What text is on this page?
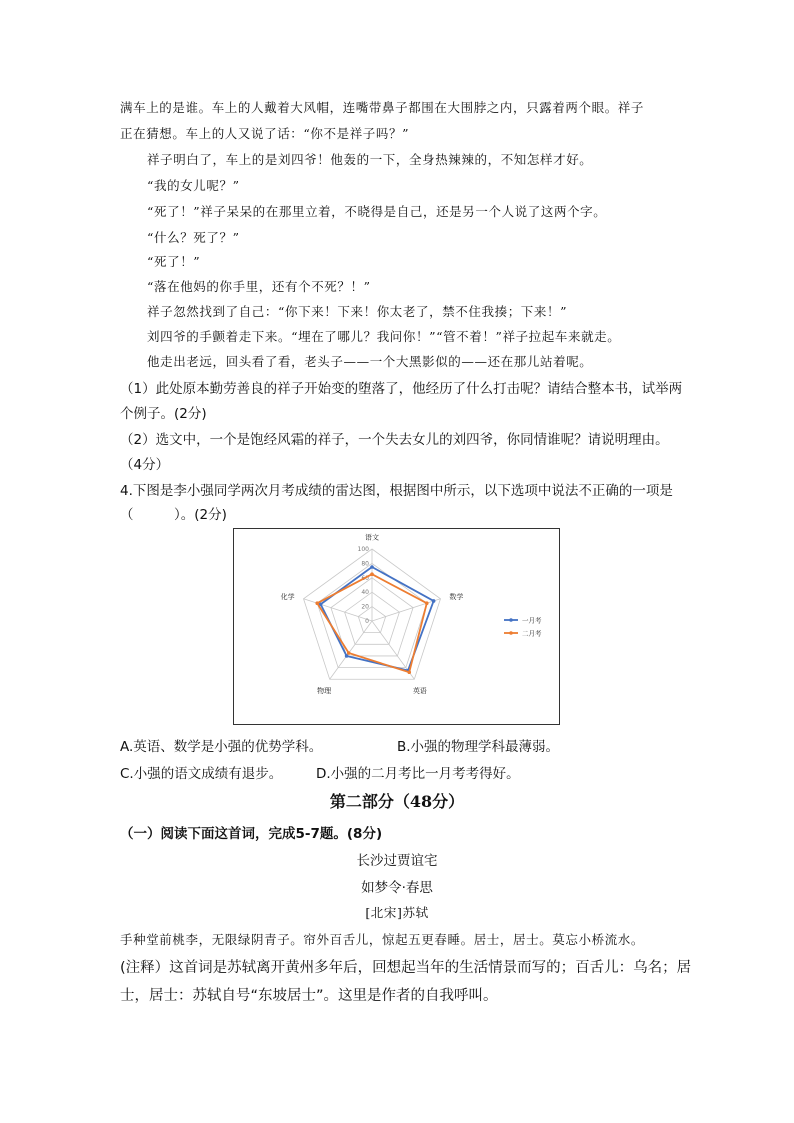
满车上的是谁。车上的人戴着大风帽，连嘴带鼻子都围在大围脖之内，只露着两个眼。祥子
正在猜想。车上的人又说了话：“你不是祥子吗？”
祥子明白了，车上的是刘四爷！他轰的一下，全身热辣辣的，不知怎样才好。
“我的女儿呢？”
“死了！”祥子呆呆的在那里立着，不晓得是自己，还是另一个人说了这两个字。
“什么？死了？”
“死了！”
“落在他妈的你手里，还有个不死？！”
祥子忽然找到了自己：“你下来！下来！你太老了，禁不住我揍；下来！”
刘四爷的手颤着走下来。“埋在了哪儿？我问你！”“管不着！”祥子拉起车来就走。
他走出老远，回头看了看，老头子——一个大黑影似的——还在那儿站着呢。
（1）此处原本勤劳善良的祥子开始变的堕落了，他经历了什么打击呢？请结合整本书，试举两
个例子。(2分)
（2）选文中，一个是饱经风霜的祥子，一个失去女儿的刘四爷，你同情谁呢？请说明理由。
（4分）
4.下图是李小强同学两次月考成绩的雷达图，根据图中所示，以下选项中说法不正确的一项是
（　　　）。(2分)
0
20
40
60
80
100
语文
数学
英语
物理
化学
一月考
二月考
A.英语、数学是小强的优势学科。	B.小强的物理学科最薄弱。
C.小强的语文成绩有退步。	D.小强的二月考比一月考考得好。
第二部分（48分）
（一）阅读下面这首词，完成5-7题。(8分)
长沙过贾谊宅
如梦令·春思
[北宋]苏轼
手种堂前桃李，无限绿阴青子。帘外百舌儿，惊起五更春睡。居士，居士。莫忘小桥流水。
(注释）这首词是苏轼离开黄州多年后，回想起当年的生活情景而写的；百舌儿：乌名；居
士，居士：苏轼自号“东坡居士”。这里是作者的自我呼叫。
